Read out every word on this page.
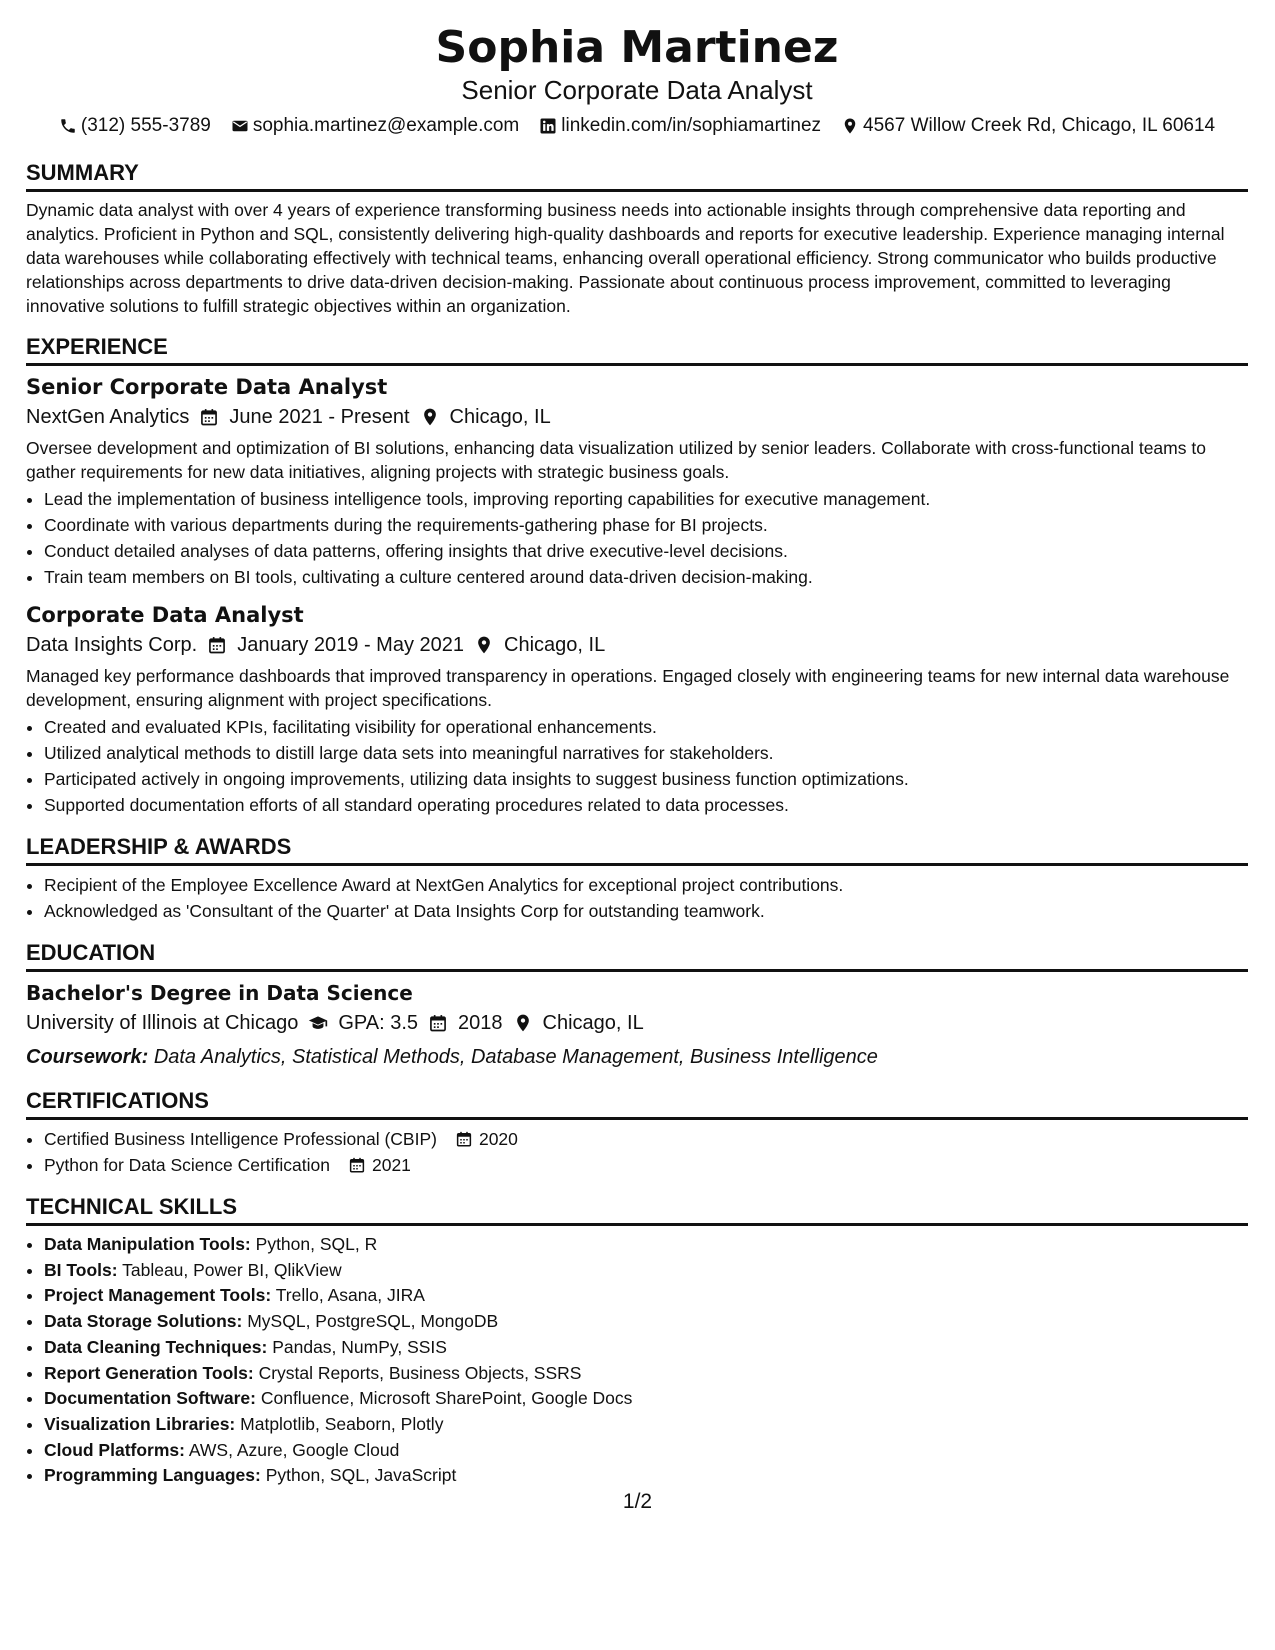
Sophia Martinez
Senior Corporate Data Analyst
(312) 555-3789 sophia.martinez@example.com linkedin.com/in/sophiamartinez 4567 Willow Creek Rd, Chicago, IL 60614
SUMMARY

Dynamic data analyst with over 4 years of experience transforming business needs into actionable insights through comprehensive data reporting and analytics. Proficient in Python and SQL, consistently delivering high-quality dashboards and reports for executive leadership. Experience managing internal data warehouses while collaborating effectively with technical teams, enhancing overall operational efficiency. Strong communicator who builds productive relationships across departments to drive data-driven decision-making. Passionate about continuous process improvement, committed to leveraging innovative solutions to fulfill strategic objectives within an organization.

EXPERIENCE
Senior Corporate Data Analyst
NextGen Analytics June 2021 - Present Chicago, IL

Oversee development and optimization of BI solutions, enhancing data visualization utilized by senior leaders. Collaborate with cross-functional teams to gather requirements for new data initiatives, aligning projects with strategic business goals.

• Lead the implementation of business intelligence tools, improving reporting capabilities for executive management.
• Coordinate with various departments during the requirements-gathering phase for BI projects.
• Conduct detailed analyses of data patterns, offering insights that drive executive-level decisions.
• Train team members on BI tools, cultivating a culture centered around data-driven decision-making.
Corporate Data Analyst
Data Insights Corp. January 2019 - May 2021 Chicago, IL

Managed key performance dashboards that improved transparency in operations. Engaged closely with engineering teams for new internal data warehouse development, ensuring alignment with project specifications.

• Created and evaluated KPIs, facilitating visibility for operational enhancements.
• Utilized analytical methods to distill large data sets into meaningful narratives for stakeholders.
• Participated actively in ongoing improvements, utilizing data insights to suggest business function optimizations.
• Supported documentation efforts of all standard operating procedures related to data processes.
LEADERSHIP & AWARDS
• Recipient of the Employee Excellence Award at NextGen Analytics for exceptional project contributions.
• Acknowledged as 'Consultant of the Quarter' at Data Insights Corp for outstanding teamwork.
EDUCATION
Bachelor's Degree in Data Science
University of Illinois at Chicago GPA: 3.5 2018 Chicago, IL
Coursework: Data Analytics, Statistical Methods, Database Management, Business Intelligence
CERTIFICATIONS
• Certified Business Intelligence Professional (CBIP) 2020
• Python for Data Science Certification 2021
TECHNICAL SKILLS
• Data Manipulation Tools: Python, SQL, R
• BI Tools: Tableau, Power BI, QlikView
• Project Management Tools: Trello, Asana, JIRA
• Data Storage Solutions: MySQL, PostgreSQL, MongoDB
• Data Cleaning Techniques: Pandas, NumPy, SSIS
• Report Generation Tools: Crystal Reports, Business Objects, SSRS
• Documentation Software: Confluence, Microsoft SharePoint, Google Docs
• Visualization Libraries: Matplotlib, Seaborn, Plotly
• Cloud Platforms: AWS, Azure, Google Cloud
• Programming Languages: Python, SQL, JavaScript
1/2
